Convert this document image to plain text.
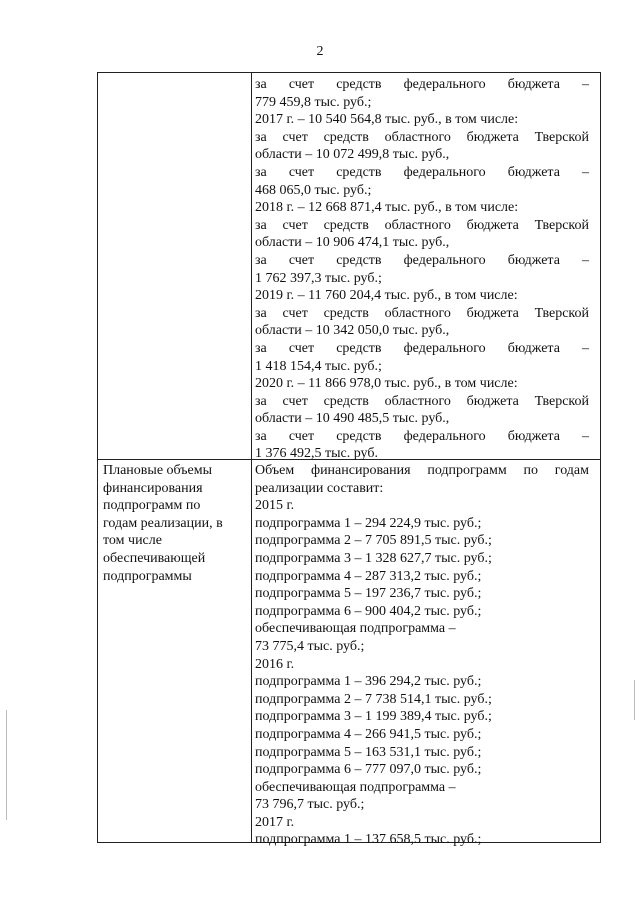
2
за счет средств федерального бюджета –
779 459,8 тыс. руб.;
2017 г. – 10 540 564,8 тыс. руб., в том числе:
за счет средств областного бюджета Тверской
области – 10 072 499,8 тыс. руб.,
за счет средств федерального бюджета –
468 065,0 тыс. руб.;
2018 г. – 12 668 871,4 тыс. руб., в том числе:
за счет средств областного бюджета Тверской
области – 10 906 474,1 тыс. руб.,
за счет средств федерального бюджета –
1 762 397,3 тыс. руб.;
2019 г. – 11 760 204,4 тыс. руб., в том числе:
за счет средств областного бюджета Тверской
области – 10 342 050,0 тыс. руб.,
за счет средств федерального бюджета –
1 418 154,4 тыс. руб.;
2020 г. – 11 866 978,0 тыс. руб., в том числе:
за счет средств областного бюджета Тверской
области – 10 490 485,5 тыс. руб.,
за счет средств федерального бюджета –
1 376 492,5 тыс. руб.
Плановые объемы
финансирования
подпрограмм по
годам реализации, в
том числе
обеспечивающей
подпрограммы
Объем финансирования подпрограмм по годам
реализации составит:
2015 г.
подпрограмма 1 – 294 224,9 тыс. руб.;
подпрограмма 2 – 7 705 891,5 тыс. руб.;
подпрограмма 3 – 1 328 627,7 тыс. руб.;
подпрограмма 4 – 287 313,2 тыс. руб.;
подпрограмма 5 – 197 236,7 тыс. руб.;
подпрограмма 6 – 900 404,2 тыс. руб.;
обеспечивающая подпрограмма –
73 775,4 тыс. руб.;
2016 г.
подпрограмма 1 – 396 294,2 тыс. руб.;
подпрограмма 2 – 7 738 514,1 тыс. руб.;
подпрограмма 3 – 1 199 389,4 тыс. руб.;
подпрограмма 4 – 266 941,5 тыс. руб.;
подпрограмма 5 – 163 531,1 тыс. руб.;
подпрограмма 6 – 777 097,0 тыс. руб.;
обеспечивающая подпрограмма –
73 796,7 тыс. руб.;
2017 г.
подпрограмма 1 – 137 658,5 тыс. руб.;
